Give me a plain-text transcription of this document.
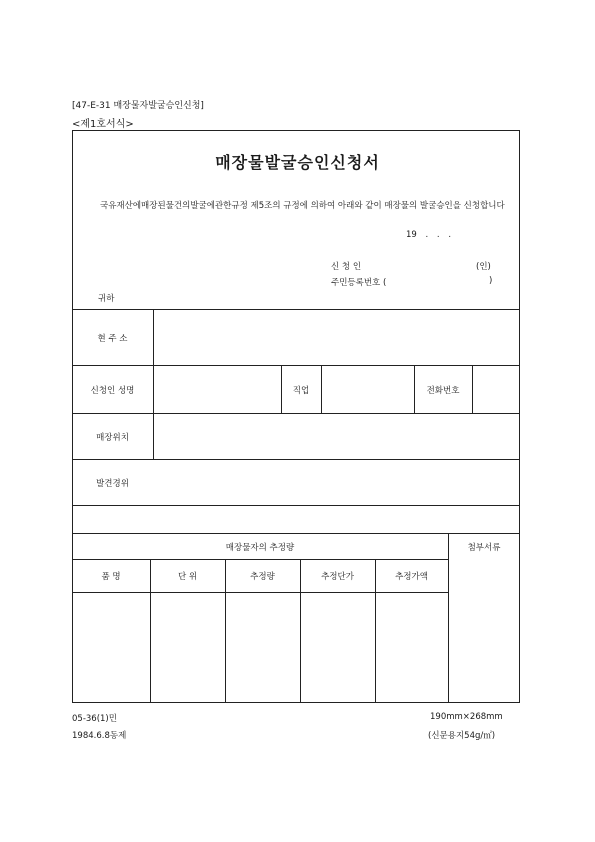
[47-E-31 매장물자발굴승인신청]
<제1호서식>
매장물발굴승인신청서
국유재산에매장된물건의발굴에관한규정 제5조의 규정에 의하여 아래와 같이 매장물의 발굴승인을 신청합니다
19 . . .
신 청 인	(인)
주민등록번호 (	)
귀하
현 주 소
신청인 성명	직업	전화번호
매장위치
발견경위
매장물자의 추정량	첨부서류
품 명	단 위	추정량	추정단가	추정가액
05-36(1)민
1984.6.8동제
190mm×268mm
(신문용지54g/㎡)
